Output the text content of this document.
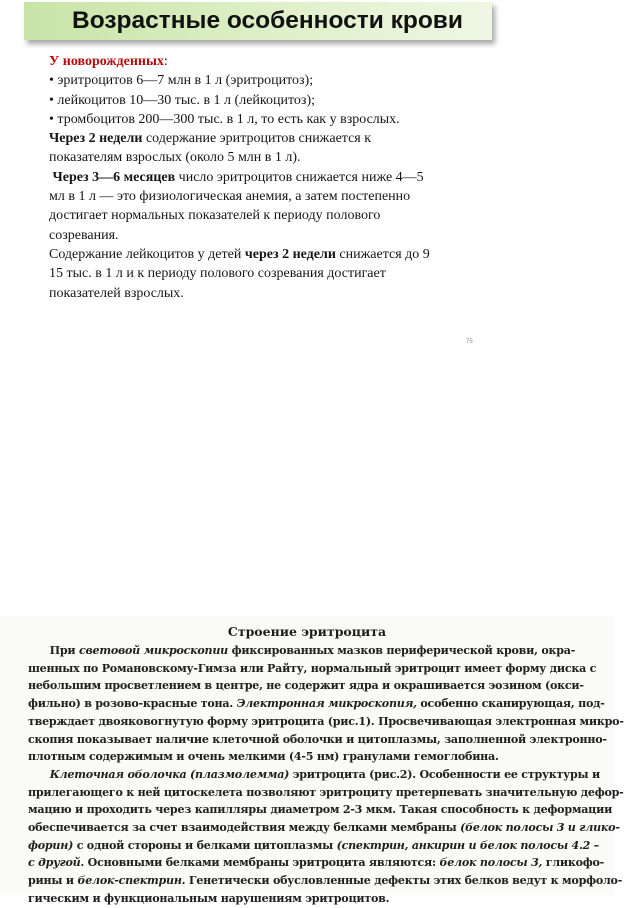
Возрастные особенности крови

У новорожденных:

• эритроцитов 6—7 млн в 1 л (эритроцитоз);

• лейкоцитов 10—30 тыс. в 1 л (лейкоцитоз);

• тромбоцитов 200—300 тыс. в 1 л, то есть как у взрослых.

Через 2 недели содержание эритроцитов снижается к

показателям взрослых (около 5 млн в 1 л).

Через 3—6 месяцев число эритроцитов снижается ниже 4—5

мл в 1 л — это физиологическая анемия, а затем постепенно

достигает нормальных показателей к периоду полового

созревания.

Содержание лейкоцитов у детей через 2 недели снижается до 9

15 тыс. в 1 л и к периоду полового созревания достигает

показателей взрослых.

75
Строение эритроцита
При световой микроскопии фиксированных мазков периферической крови, окра-
шенных по Романовскому-Гимза или Райту, нормальный эритроцит имеет форму диска с
небольшим просветлением в центре, не содержит ядра и окрашивается эозином (окси-
фильно) в розово-красные тона. Электронная микроскопия, особенно сканирующая, под-
тверждает двояковогнутую форму эритроцита (рис.1). Просвечивающая электронная микро-
скопия показывает наличие клеточной оболочки и цитоплазмы, заполненной электронно-
плотным содержимым и очень мелкими (4-5 нм) гранулами гемоглобина.
Клеточная оболочка (плазмолемма) эритроцита (рис.2). Особенности ее структуры и
прилегающего к ней цитоскелета позволяют эритроциту претерпевать значительную дефор-
мацию и проходить через капилляры диаметром 2-3 мкм. Такая способность к деформации
обеспечивается за счет взаимодействия между белками мембраны (белок полосы 3 и глико-
форин) с одной стороны и белками цитоплазмы (спектрин, анкирин и белок полосы 4.2 –
с другой. Основными белками мембраны эритроцита являются: белок полосы 3, гликофо-
рины и белок-спектрин. Генетически обусловленные дефекты этих белков ведут к морфоло-
гическим и функциональным нарушениям эритроцитов.
